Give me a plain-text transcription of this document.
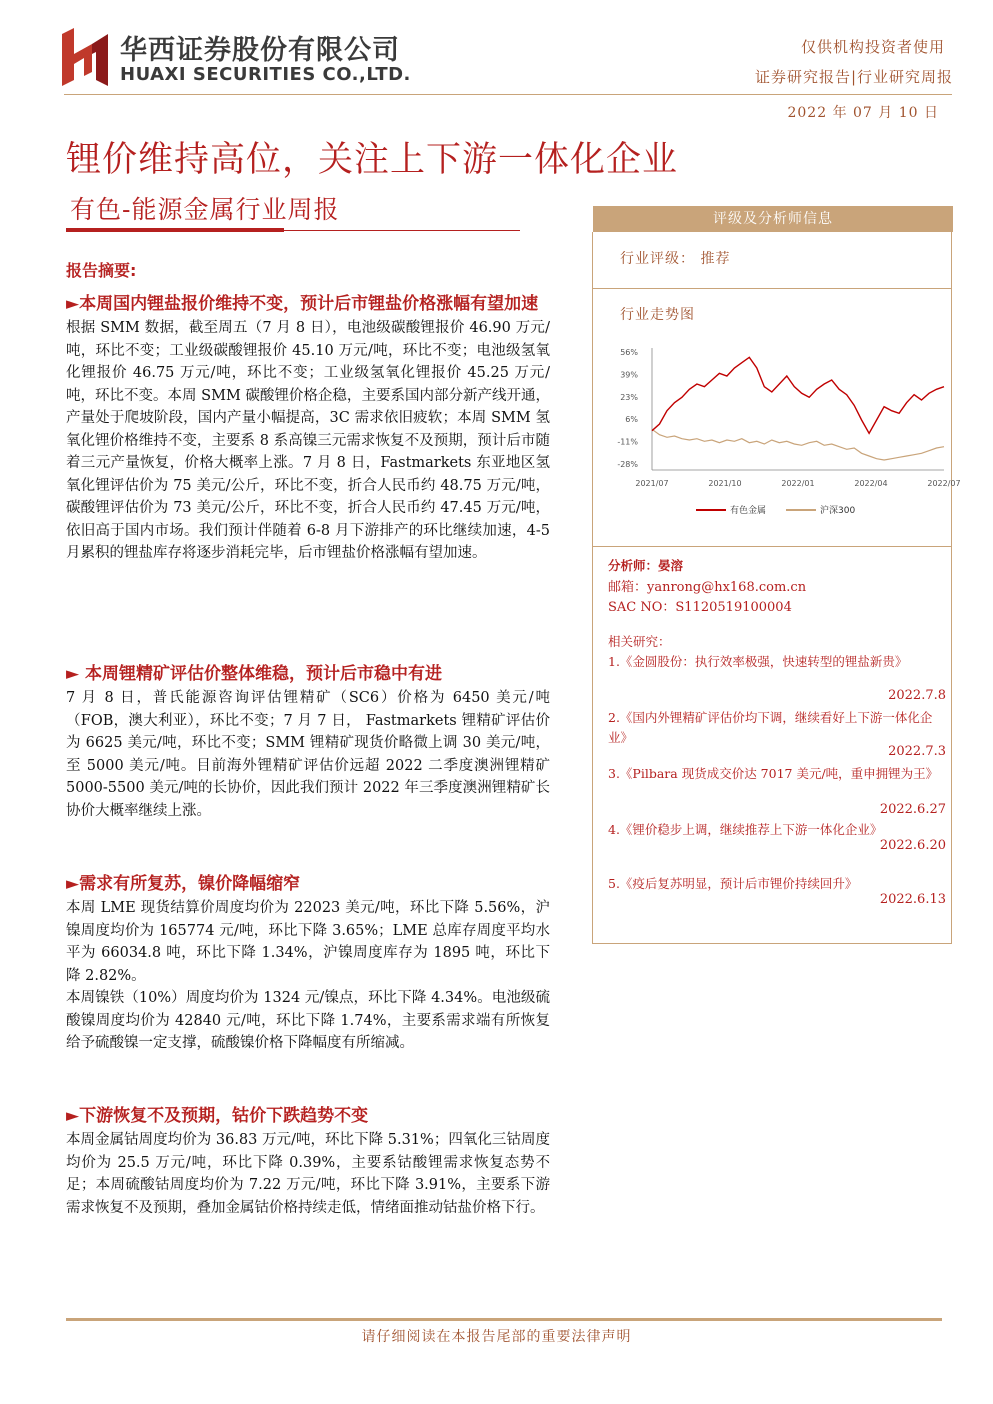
华西证券股份有限公司
HUAXI SECURITIES CO.,LTD.
仅供机构投资者使用
证券研究报告|行业研究周报
2022 年 07 月 10 日
锂价维持高位，关注上下游一体化企业
有色-能源金属行业周报
报告摘要:
►本周国内锂盐报价维持不变，预计后市锂盐价格涨幅有望加速
根据 SMM 数据，截至周五（7 月 8 日），电池级碳酸锂报价 46.90 万元/吨，环比不变；工业级碳酸锂报价 45.10 万元/吨，环比不变；电池级氢氧化锂报价 46.75 万元/吨，环比不变；工业级氢氧化锂报价 45.25 万元/吨，环比不变。本周 SMM 碳酸锂价格企稳，主要系国内部分新产线开通，产量处于爬坡阶段，国内产量小幅提高，3C 需求依旧疲软；本周 SMM 氢氧化锂价格维持不变，主要系 8 系高镍三元需求恢复不及预期，预计后市随着三元产量恢复，价格大概率上涨。7 月 8 日，Fastmarkets 东亚地区氢氧化锂评估价为 75 美元/公斤，环比不变，折合人民币约 48.75 万元/吨，碳酸锂评估价为 73 美元/公斤，环比不变，折合人民币约 47.45 万元/吨，依旧高于国内市场。我们预计伴随着 6-8 月下游排产的环比继续加速，4-5 月累积的锂盐库存将逐步消耗完毕，后市锂盐价格涨幅有望加速。
► 本周锂精矿评估价整体维稳，预计后市稳中有进
7 月 8 日，普氏能源咨询评估锂精矿（SC6）价格为 6450 美元/吨（FOB，澳大利亚），环比不变；7 月 7 日， Fastmarkets 锂精矿评估价为 6625 美元/吨，环比不变；SMM 锂精矿现货价略微上调 30 美元/吨，至 5000 美元/吨。目前海外锂精矿评估价远超 2022 二季度澳洲锂精矿 5000-5500 美元/吨的长协价，因此我们预计 2022 年三季度澳洲锂精矿长协价大概率继续上涨。
►需求有所复苏，镍价降幅缩窄
本周 LME 现货结算价周度均价为 22023 美元/吨，环比下降 5.56%，沪镍周度均价为 165774 元/吨，环比下降 3.65%；LME 总库存周度平均水平为 66034.8 吨，环比下降 1.34%，沪镍周度库存为 1895 吨，环比下降 2.82%。
本周镍铁（10%）周度均价为 1324 元/镍点，环比下降 4.34%。电池级硫酸镍周度均价为 42840 元/吨，环比下降 1.74%，主要系需求端有所恢复给予硫酸镍一定支撑，硫酸镍价格下降幅度有所缩减。
►下游恢复不及预期，钴价下跌趋势不变
本周金属钴周度均价为 36.83 万元/吨，环比下降 5.31%；四氧化三钴周度均价为 25.5 万元/吨，环比下降 0.39%，主要系钴酸锂需求恢复态势不足；本周硫酸钴周度均价为 7.22 万元/吨，环比下降 3.91%，主要系下游需求恢复不及预期，叠加金属钴价格持续走低，情绪面推动钴盐价格下行。
评级及分析师信息
行业评级： 推荐
行业走势图
56%
39%
23%
6%
-11%
-28%
2021/07	2021/10	2022/01	2022/04	2022/07
有色金属	沪深300
分析师：晏溶
邮箱：yanrong@hx168.com.cn
SAC NO：S1120519100004
相关研究：
1.《金圆股份：执行效率极强，快速转型的锂盐新贵》
2022.7.8
2.《国内外锂精矿评估价均下调，继续看好上下游一体化企业》
2022.7.3
3.《Pilbara 现货成交价达 7017 美元/吨，重申拥锂为王》
2022.6.27
4.《锂价稳步上调，继续推荐上下游一体化企业》
2022.6.20
5.《疫后复苏明显，预计后市锂价持续回升》
2022.6.13
请仔细阅读在本报告尾部的重要法律声明
